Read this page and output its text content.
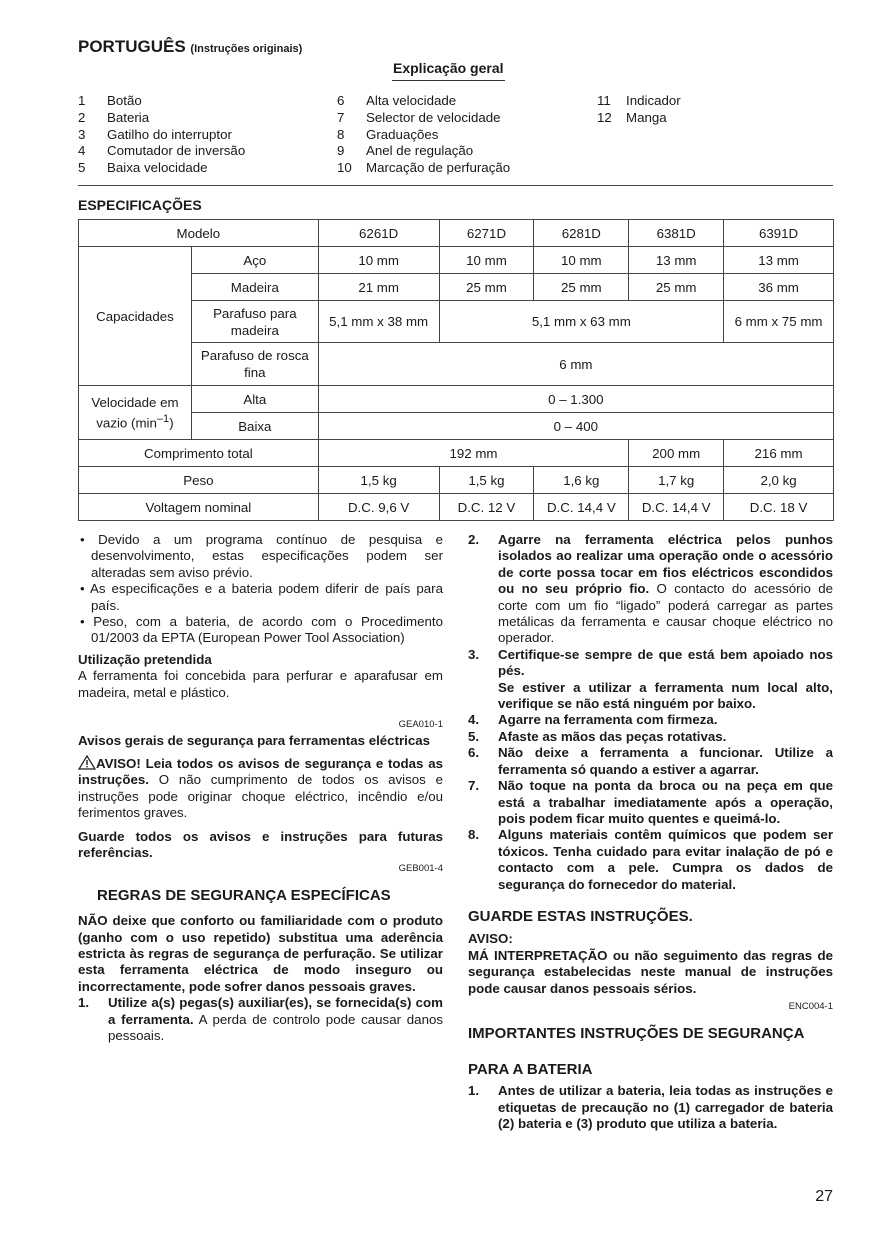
PORTUGUÊS (Instruções originais)
Explicação geral
1	Botão
2	Bateria
3	Gatilho do interruptor
4	Comutador de inversão
5	Baixa velocidade
6	Alta velocidade
7	Selector de velocidade
8	Graduações
9	Anel de regulação
10	Marcação de perfuração
11	Indicador
12	Manga
ESPECIFICAÇÕES
Modelo		6261D	6271D	6281D	6381D	6391D
Capacidades	Aço	10 mm	10 mm	10 mm	13 mm	13 mm
	Madeira	21 mm	25 mm	25 mm	25 mm	36 mm
	Parafuso para madeira	5,1 mm x 38 mm	5,1 mm x 63 mm			6 mm x 75 mm
	Parafuso de rosca fina	6 mm				
Velocidade em vazio $(\min^{-1})$	Alta	0 – 1.300				
	Baixa	0 – 400				
Comprimento total		192 mm			200 mm	216 mm
Peso		1,5 kg	1,5 kg	1,6 kg	1,7 kg	2,0 kg
Voltagem nominal		D.C. 9,6 V	D.C. 12 V	D.C. 14,4 V	D.C. 14,4 V	D.C. 18 V

• Devido a um programa contínuo de pesquisa e desenvolvimento, estas especificações podem ser alteradas sem aviso prévio.

• As especificações e a bateria podem diferir de país para país.

• Peso, com a bateria, de acordo com o Procedimento 01/2003 da EPTA (European Power Tool Association)

Utilização pretendida

A ferramenta foi concebida para perfurar e aparafusar em madeira, metal e plástico.

GEA010-1

Avisos gerais de segurança para ferramentas eléctricas

AVISO! Leia todos os avisos de segurança e todas as instruções. O não cumprimento de todos os avisos e instruções pode originar choque eléctrico, incêndio e/ou ferimentos graves.

Guarde todos os avisos e instruções para futuras referências.

GEB001-4

REGRAS DE SEGURANÇA ESPECÍFICAS

NÃO deixe que conforto ou familiaridade com o produto (ganho com o uso repetido) substitua uma aderência estricta às regras de segurança de perfuração. Se utilizar esta ferramenta eléctrica de modo inseguro ou incorrectamente, pode sofrer danos pessoais graves.

1.	Utilize a(s) pegas(s) auxiliar(es), se fornecida(s) com a ferramenta. A perda de controlo pode causar danos pessoais.
2.	Agarre na ferramenta eléctrica pelos punhos isolados ao realizar uma operação onde o acessório de corte possa tocar em fios eléctricos escondidos ou no seu próprio fio. O contacto do acessório de corte com um fio “ligado” poderá carregar as partes metálicas da ferramenta e causar choque eléctrico no operador.
3.	Certifique-se sempre de que está bem apoiado nos pés.
Se estiver a utilizar a ferramenta num local alto, verifique se não está ninguém por baixo.
4.	Agarre na ferramenta com firmeza.
5.	Afaste as mãos das peças rotativas.
6.	Não deixe a ferramenta a funcionar. Utilize a ferramenta só quando a estiver a agarrar.
7.	Não toque na ponta da broca ou na peça em que está a trabalhar imediatamente após a operação, pois podem ficar muito quentes e queimá-lo.
8.	Alguns materiais contêm químicos que podem ser tóxicos. Tenha cuidado para evitar inalação de pó e contacto com a pele. Cumpra os dados de segurança do fornecedor do material.

GUARDE ESTAS INSTRUÇÕES.

AVISO:

MÁ INTERPRETAÇÃO ou não seguimento das regras de segurança estabelecidas neste manual de instruções pode causar danos pessoais sérios.

ENC004-1

IMPORTANTES INSTRUÇÕES DE SEGURANÇA

PARA A BATERIA

1.	Antes de utilizar a bateria, leia todas as instruções e etiquetas de precaução no (1) carregador de bateria (2) bateria e (3) produto que utiliza a bateria.
27
